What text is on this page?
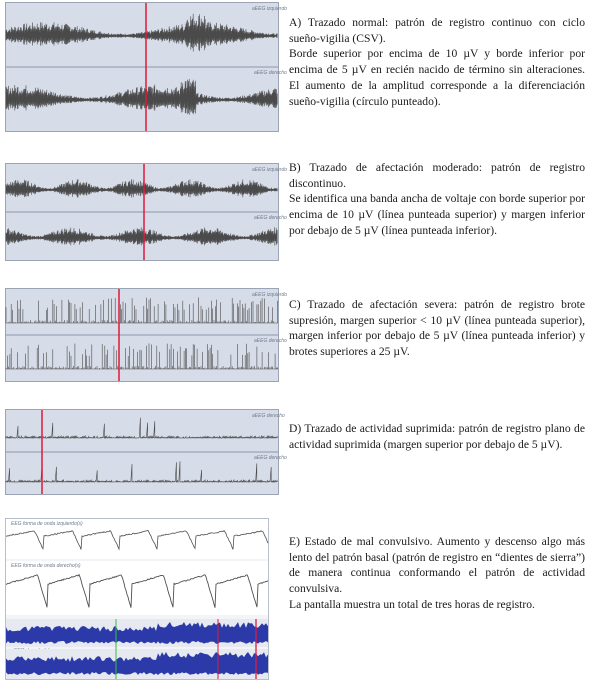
aEEG izquierdo
aEEG derecho

A) Trazado normal: patrón de registro continuo con ciclo sueño-vigilia (CSV).

Borde superior por encima de 10 µV y borde inferior por encima de 5 µV en recién nacido de término sin alteraciones. El aumento de la amplitud corresponde a la diferenciación sueño-vigilia (círculo punteado).

aEEG izquierdo
aEEG derecho

B) Trazado de afectación moderado: patrón de registro discontinuo.

Se identifica una banda ancha de voltaje con borde superior por encima de 10 µV (línea punteada superior) y margen inferior por debajo de 5 µV (línea punteada inferior).

aEEG izquierdo
aEEG derecho

C) Trazado de afectación severa: patrón de registro brote supresión, margen superior < 10 µV (línea punteada superior), margen inferior por debajo de 5 µV (línea punteada inferior) y brotes superiores a 25 µV.

aEEG derecho
aEEG derecho

D) Trazado de actividad suprimida: patrón de registro plano de actividad suprimida (margen superior por debajo de 5 µV).

EEG forma de onda izquierdo(s)
EEG forma de onda derecho(s)

E) Estado de mal convulsivo. Aumento y descenso algo más lento del patrón basal (patrón de registro en “dientes de sierra”) de manera continua conformando el patrón de actividad convulsiva.

La pantalla muestra un total de tres horas de registro.
